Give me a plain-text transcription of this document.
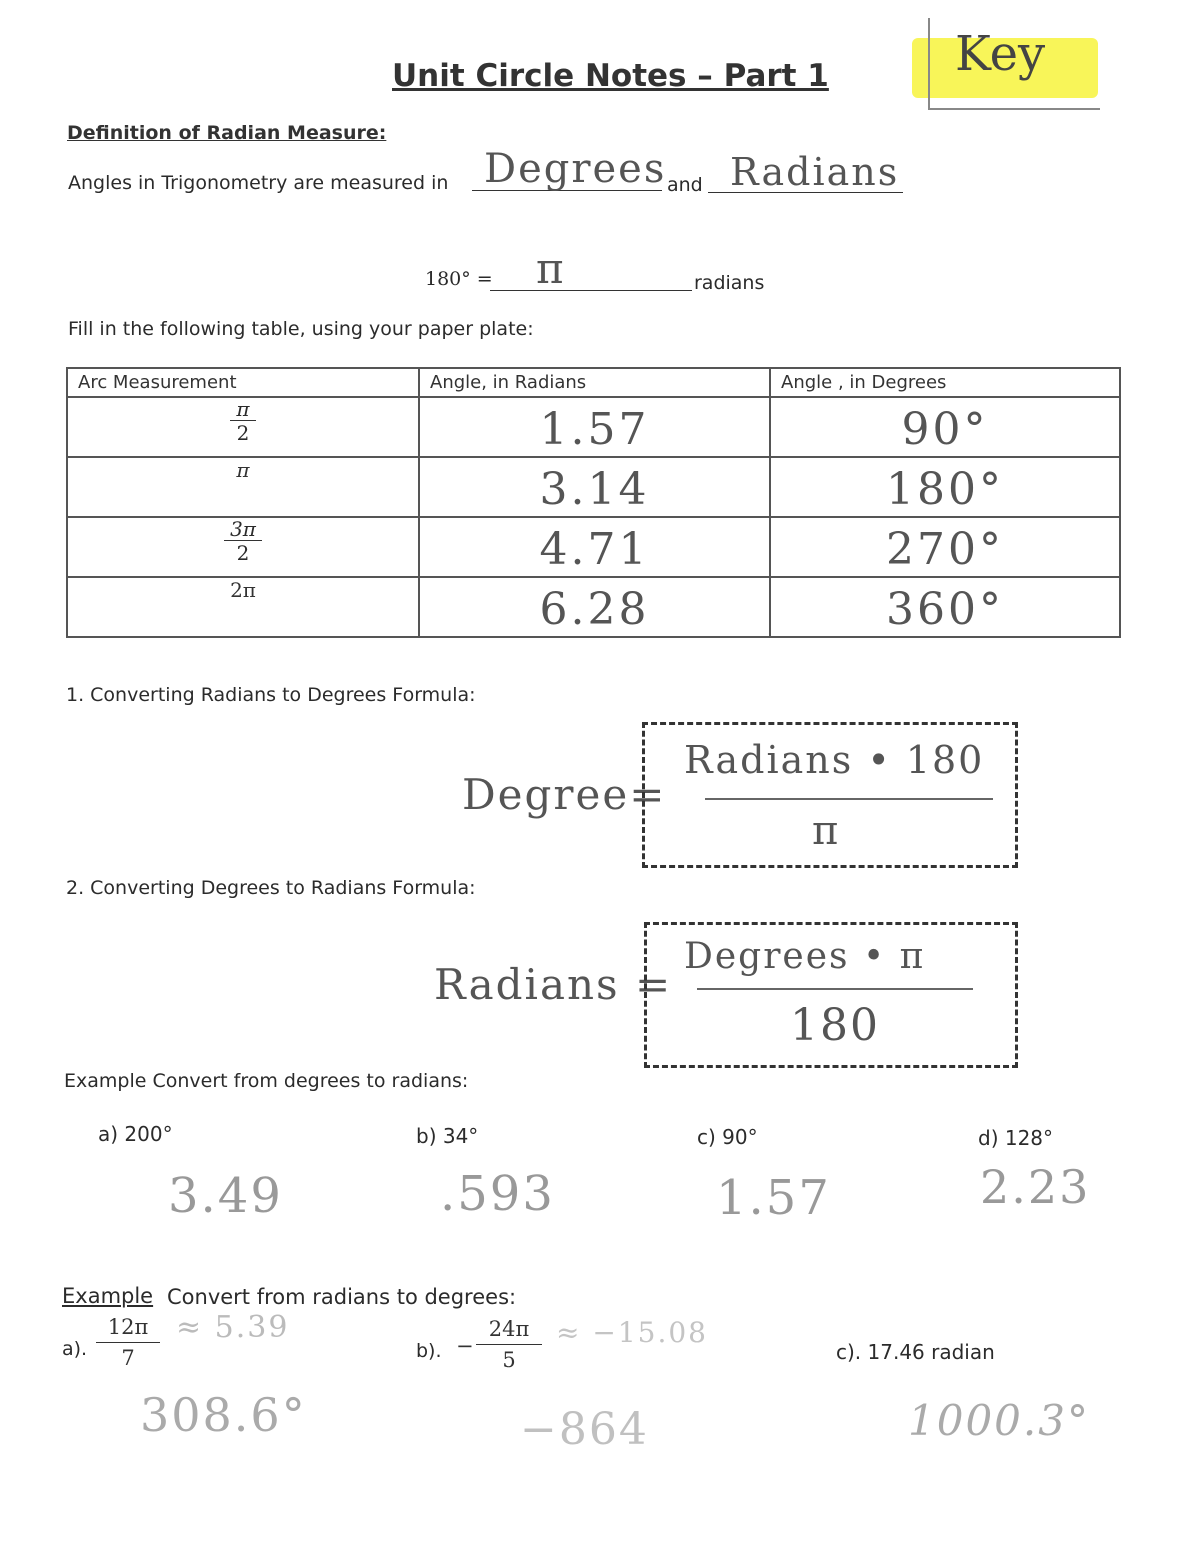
Unit Circle Notes – Part 1	Key
Definition of Radian Measure:
Angles in Trigonometry are measured in Degrees and Radians
180° = π	radians
Fill in the following table, using your paper plate:
Arc Measurement	Angle, in Radians	Angle , in Degrees

$\frac{\pi}{2}$	1.57	90°
π	3.14	180°

$\frac{3\pi}{2}$	4.71	270°
2π	6.28	360°
1. Converting Radians to Degrees Formula:
Degree=
Radians • 180
π
2. Converting Degrees to Radians Formula:
Radians =
Degrees • π
180
Example Convert from degrees to radians:
a) 200°
3.49
b) 34°
.593
c) 90°
1.57
d) 128°
2.23
Example Convert from radians to degrees:
a). $\frac{12\pi}{7} \approx 5.39$
308.6°
b). − $\frac{24\pi}{5} \approx -15.08$
−864
c). 17.46 radian
1000.3°
